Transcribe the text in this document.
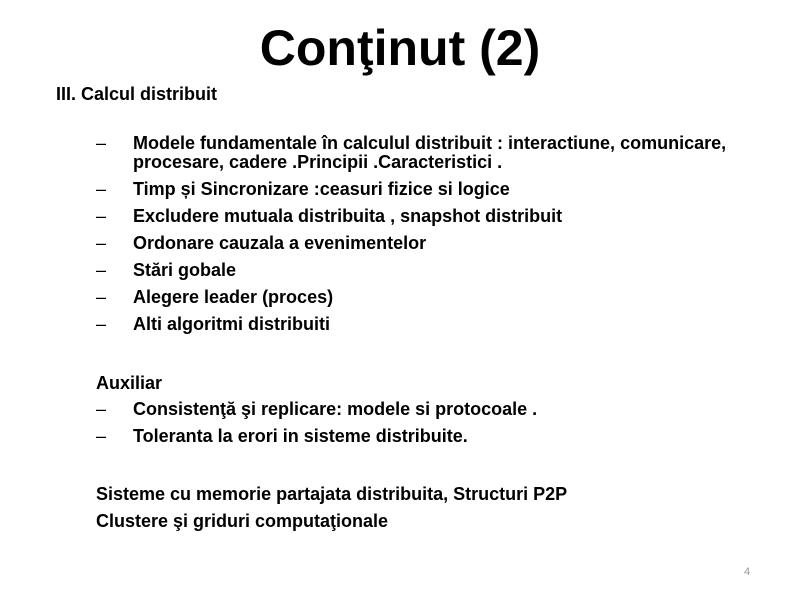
Conţinut (2)
III. Calcul distribuit
– Modele fundamentale în calculul distribuit : interactiune, comunicare, procesare, cadere .Principii .Caracteristici .
– Timp și Sincronizare :ceasuri fizice si logice
– Excludere mutuala distribuita , snapshot distribuit
– Ordonare cauzala a evenimentelor
– Stări gobale
– Alegere leader (proces)
– Alti algoritmi distribuiti
Auxiliar
– Consistenţă şi replicare: modele si protocoale .
– Toleranta la erori in sisteme distribuite.
Sisteme cu memorie partajata distribuita, Structuri P2P
Clustere şi griduri computaţionale
4
